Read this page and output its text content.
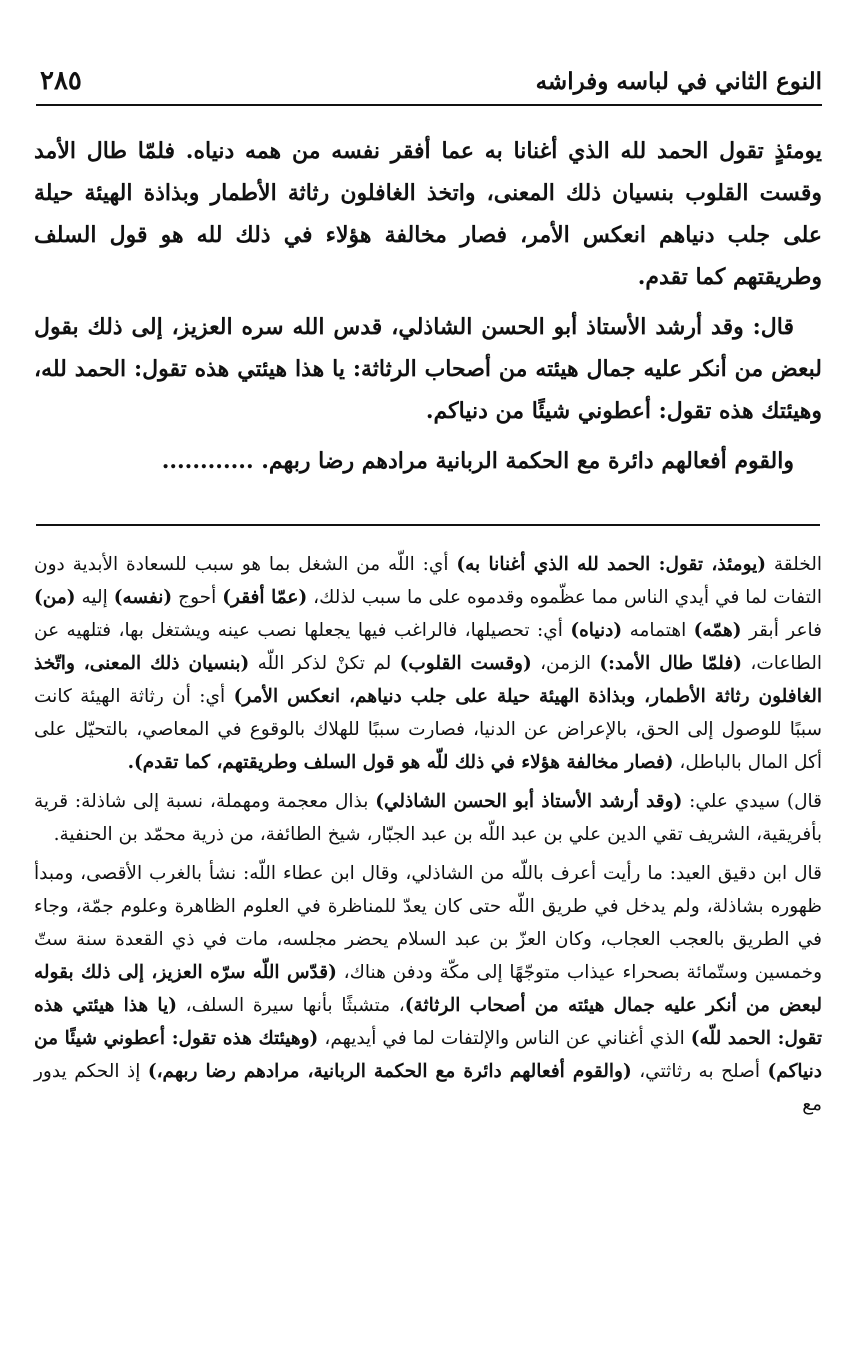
النوع الثاني في لباسه وفراشه
٢٨٥

يومئذٍ تقول الحمد لله الذي أغنانا به عما أفقر نفسه من همه دنياه. فلمّا طال الأمد وقست القلوب بنسيان ذلك المعنى، واتخذ الغافلون رثاثة الأطمار وبذاذة الهيئة حيلة على جلب دنياهم انعكس الأمر، فصار مخالفة هؤلاء في ذلك لله هو قول السلف وطريقتهم كما تقدم.

قال: وقد أرشد الأستاذ أبو الحسن الشاذلي، قدس الله سره العزيز، إلى ذلك بقول لبعض من أنكر عليه جمال هيئته من أصحاب الرثاثة: يا هذا هيئتي هذه تقول: الحمد لله، وهيئتك هذه تقول: أعطوني شيئًا من دنياكم.

والقوم أفعالهم دائرة مع الحكمة الربانية مرادهم رضا ربهم. ............

الخلقة (يومئذ، تقول: الحمد لله الذي أغنانا به) أي: اللّه من الشغل بما هو سبب للسعادة الأبدية دون التفات لما في أيدي الناس مما عظّموه وقدموه على ما سبب لذلك، (عمّا أفقر) أحوج (نفسه) إليه (من) فاعر أبقر (همّه) اهتمامه (دنياه) أي: تحصيلها، فالراغب فيها يجعلها نصب عينه ويشتغل بها، فتلهيه عن الطاعات، (فلمّا طال الأمد:) الزمن، (وقست القلوب) لم تكنْ لذكر اللّه (بنسيان ذلك المعنى، واتّخذ الغافلون رثاثة الأطمار، وبذاذة الهيئة حيلة على جلب دنياهم، انعكس الأمر) أي: أن رثاثة الهيئة كانت سببًا للوصول إلى الحق، بالإعراض عن الدنيا، فصارت سببًا للهلاك بالوقوع في المعاصي، بالتحيّل على أكل المال بالباطل، (فصار مخالفة هؤلاء في ذلك للّه هو قول السلف وطريقتهم، كما تقدم).

قال) سيدي علي: (وقد أرشد الأستاذ أبو الحسن الشاذلي) بذال معجمة ومهملة، نسبة إلى شاذلة: قرية بأفريقية، الشريف تقي الدين علي بن عبد اللّه بن عبد الجبّار، شيخ الطائفة، من ذرية محمّد بن الحنفية.

قال ابن دقيق العيد: ما رأيت أعرف باللّه من الشاذلي، وقال ابن عطاء اللّه: نشأ بالغرب الأقصى، ومبدأ ظهوره بشاذلة، ولم يدخل في طريق اللّه حتى كان يعدّ للمناظرة في العلوم الظاهرة وعلوم جمّة، وجاء في الطريق بالعجب العجاب، وكان العزّ بن عبد السلام يحضر مجلسه، مات في ذي القعدة سنة ستّ وخمسين وستّمائة بصحراء عيذاب متوجّهًا إلى مكّة ودفن هناك، (قدّس اللّه سرّه العزيز، إلى ذلك بقوله لبعض من أنكر عليه جمال هيئته من أصحاب الرثاثة)، متشبثًا بأنها سيرة السلف، (يا هذا هيئتي هذه تقول: الحمد للّه) الذي أغناني عن الناس والإلتفات لما في أيديهم، (وهيئتك هذه تقول: أعطوني شيئًا من دنياكم) أصلح به رثاثتي، (والقوم أفعالهم دائرة مع الحكمة الربانية، مرادهم رضا ربهم،) إذ الحكم يدور مع
